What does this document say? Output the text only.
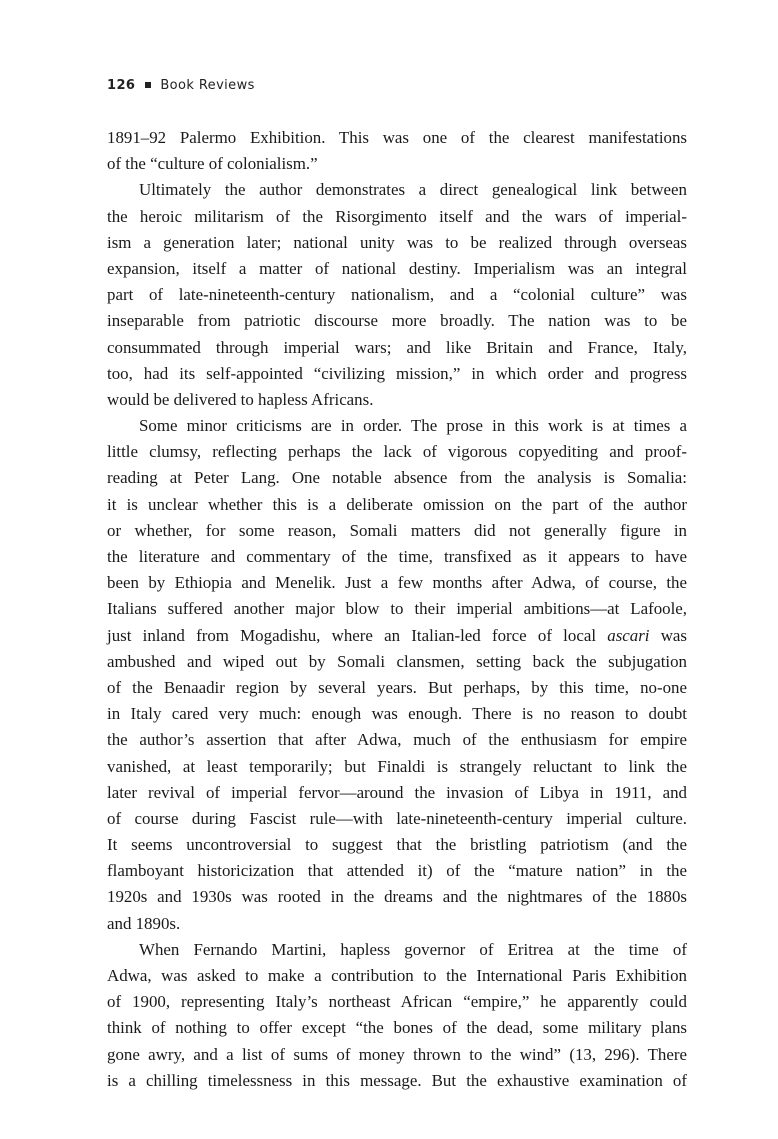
126 Book Reviews
1891–92 Palermo Exhibition. This was one of the clearest manifestations
of the “culture of colonialism.”
Ultimately the author demonstrates a direct genealogical link between
the heroic militarism of the Risorgimento itself and the wars of imperial-
ism a generation later; national unity was to be realized through overseas
expansion, itself a matter of national destiny. Imperialism was an integral
part of late-nineteenth-century nationalism, and a “colonial culture” was
inseparable from patriotic discourse more broadly. The nation was to be
consummated through imperial wars; and like Britain and France, Italy,
too, had its self-appointed “civilizing mission,” in which order and progress
would be delivered to hapless Africans.
Some minor criticisms are in order. The prose in this work is at times a
little clumsy, reflecting perhaps the lack of vigorous copyediting and proof-
reading at Peter Lang. One notable absence from the analysis is Somalia:
it is unclear whether this is a deliberate omission on the part of the author
or whether, for some reason, Somali matters did not generally figure in
the literature and commentary of the time, transfixed as it appears to have
been by Ethiopia and Menelik. Just a few months after Adwa, of course, the
Italians suffered another major blow to their imperial ambitions—at Lafoole,
just inland from Mogadishu, where an Italian-led force of local ascari was
ambushed and wiped out by Somali clansmen, setting back the subjugation
of the Benaadir region by several years. But perhaps, by this time, no-one
in Italy cared very much: enough was enough. There is no reason to doubt
the author’s assertion that after Adwa, much of the enthusiasm for empire
vanished, at least temporarily; but Finaldi is strangely reluctant to link the
later revival of imperial fervor—around the invasion of Libya in 1911, and
of course during Fascist rule—with late-nineteenth-century imperial culture.
It seems uncontroversial to suggest that the bristling patriotism (and the
flamboyant historicization that attended it) of the “mature nation” in the
1920s and 1930s was rooted in the dreams and the nightmares of the 1880s
and 1890s.
When Fernando Martini, hapless governor of Eritrea at the time of
Adwa, was asked to make a contribution to the International Paris Exhibition
of 1900, representing Italy’s northeast African “empire,” he apparently could
think of nothing to offer except “the bones of the dead, some military plans
gone awry, and a list of sums of money thrown to the wind” (13, 296). There
is a chilling timelessness in this message. But the exhaustive examination of
